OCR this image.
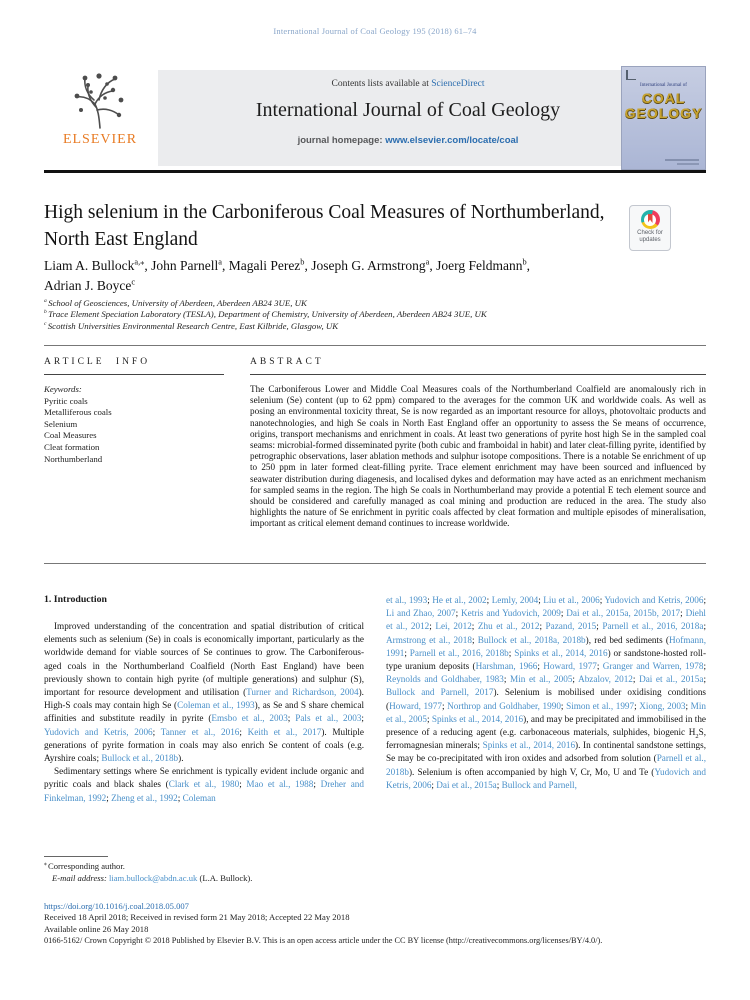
International Journal of Coal Geology 195 (2018) 61–74
ELSEVIER
Contents lists available at ScienceDirect
International Journal of Coal Geology
journal homepage: www.elsevier.com/locate/coal
International Journal of
COAL
GEOLOGY
High selenium in the Carboniferous Coal Measures of Northumberland, North East England	Check for updates
Liam A. Bullock$^{a,⁎}$, John Parnell$^a$, Magali Perez$^b$, Joseph G. Armstrong$^a$, Joerg Feldmann$^b$,
Adrian J. Boyce$^c$
$^a$ School of Geosciences, University of Aberdeen, Aberdeen AB24 3UE, UK
$^b$ Trace Element Speciation Laboratory (TESLA), Department of Chemistry, University of Aberdeen, Aberdeen AB24 3UE, UK
$^c$ Scottish Universities Environmental Research Centre, East Kilbride, Glasgow, UK
ARTICLE INFO
Keywords:
Pyritic coals
Metalliferous coals
Selenium
Coal Measures
Cleat formation
Northumberland
ABSTRACT
The Carboniferous Lower and Middle Coal Measures coals of the Northumberland Coalfield are anomalously rich in selenium (Se) content (up to 62 ppm) compared to the averages for the common UK and worldwide coals. As well as posing an environmental toxicity threat, Se is now regarded as an important resource for alloys, photovoltaic products and nanotechnologies, and high Se coals in North East England offer an opportunity to assess the Se means of occurrence, origins, transport mechanisms and enrichment in coals. At least two generations of pyrite host high Se in the sampled coal seams: microbial-formed disseminated pyrite (both cubic and framboidal in habit) and later cleat-filling pyrite, identified by petrographic observations, laser ablation methods and sulphur isotope compositions. There is a notable Se enrichment of up to 250 ppm in later formed cleat-filling pyrite. Trace element enrichment may have been sourced and influenced by seawater distribution during diagenesis, and localised dykes and deformation may have acted as an enrichment mechanism for sampled seams in the region. The high Se coals in Northumberland may provide a potential E tech element source and should be considered and carefully managed as coal mining and production are reduced in the area. The study also highlights the nature of Se enrichment in pyritic coals affected by cleat formation and multiple episodes of mineralisation, important as critical element demand continues to increase worldwide.
1. Introduction
Improved understanding of the concentration and spatial distribution of critical elements such as selenium (Se) in coals is economically important, particularly as the worldwide demand for viable sources of Se continues to grow. The Carboniferous-aged coals in the Northumberland Coalfield (North East England) have been previously shown to contain high pyrite (of multiple generations) and sulphur (S), important for resource development and utilisation (Turner and Richardson, 2004). High-S coals may contain high Se (Coleman et al., 1993), as Se and S share chemical affinities and substitute readily in pyrite (Emsbo et al., 2003; Pals et al., 2003; Yudovich and Ketris, 2006; Tanner et al., 2016; Keith et al., 2017). Multiple generations of pyrite formation in coals may also enrich Se content of coals (e.g. Ayrshire coals; Bullock et al., 2018b).
Sedimentary settings where Se enrichment is typically evident include organic and pyritic coals and black shales (Clark et al., 1980; Mao et al., 1988; Dreher and Finkelman, 1992; Zheng et al., 1992; Coleman
et al., 1993; He et al., 2002; Lemly, 2004; Liu et al., 2006; Yudovich and Ketris, 2006; Li and Zhao, 2007; Ketris and Yudovich, 2009; Dai et al., 2015a, 2015b, 2017; Diehl et al., 2012; Lei, 2012; Zhu et al., 2012; Pazand, 2015; Parnell et al., 2016, 2018a; Armstrong et al., 2018; Bullock et al., 2018a, 2018b), red bed sediments (Hofmann, 1991; Parnell et al., 2016, 2018b; Spinks et al., 2014, 2016) or sandstone-hosted roll-type uranium deposits (Harshman, 1966; Howard, 1977; Granger and Warren, 1978; Reynolds and Goldhaber, 1983; Min et al., 2005; Abzalov, 2012; Dai et al., 2015a; Bullock and Parnell, 2017). Selenium is mobilised under oxidising conditions (Howard, 1977; Northrop and Goldhaber, 1990; Simon et al., 1997; Xiong, 2003; Min et al., 2005; Spinks et al., 2014, 2016), and may be precipitated and immobilised in the presence of a reducing agent (e.g. carbonaceous materials, sulphides, biogenic $H_2S$, ferromagnesian minerals; Spinks et al., 2014, 2016). In continental sandstone settings, Se may be co-precipitated with iron oxides and adsorbed from solution (Parnell et al., 2018b). Selenium is often accompanied by high V, Cr, Mo, U and Te (Yudovich and Ketris, 2006; Dai et al., 2015a; Bullock and Parnell,
⁎ Corresponding author.
E-mail address: liam.bullock@abdn.ac.uk (L.A. Bullock).
https://doi.org/10.1016/j.coal.2018.05.007
Received 18 April 2018; Received in revised form 21 May 2018; Accepted 22 May 2018
Available online 26 May 2018
0166-5162/ Crown Copyright © 2018 Published by Elsevier B.V. This is an open access article under the CC BY license (http://creativecommons.org/licenses/BY/4.0/).
